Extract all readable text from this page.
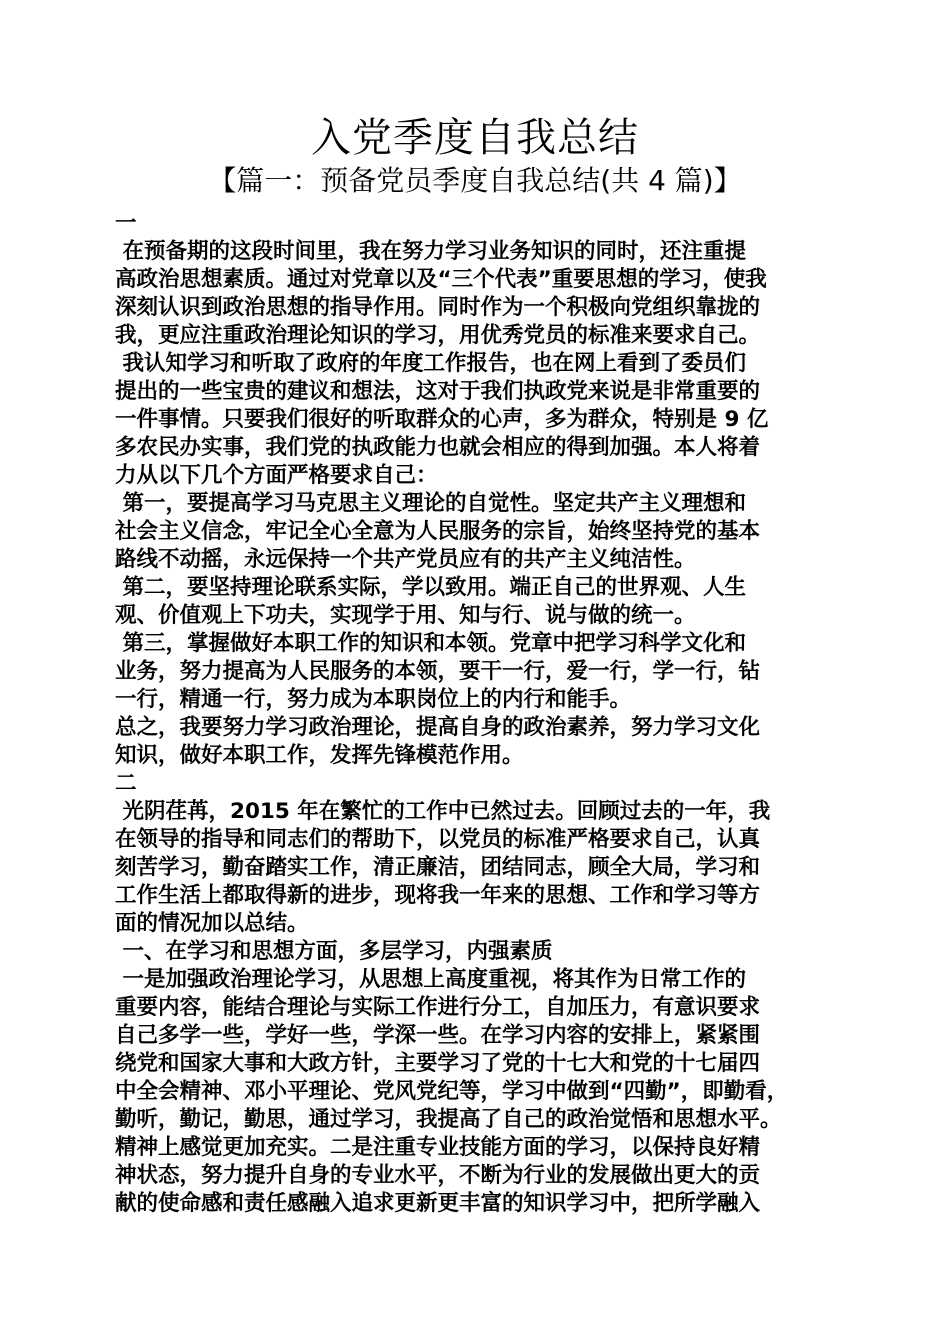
入党季度自我总结
【篇一：预备党员季度自我总结(共 4 篇)】
一
在预备期的这段时间里，我在努力学习业务知识的同时，还注重提
高政治思想素质。通过对党章以及“三个代表”重要思想的学习，使我
深刻认识到政治思想的指导作用。同时作为一个积极向党组织靠拢的
我，更应注重政治理论知识的学习，用优秀党员的标准来要求自己。
我认知学习和听取了政府的年度工作报告，也在网上看到了委员们
提出的一些宝贵的建议和想法，这对于我们执政党来说是非常重要的
一件事情。只要我们很好的听取群众的心声，多为群众，特别是 9 亿
多农民办实事，我们党的执政能力也就会相应的得到加强。本人将着
力从以下几个方面严格要求自己：
第一，要提高学习马克思主义理论的自觉性。坚定共产主义理想和
社会主义信念，牢记全心全意为人民服务的宗旨，始终坚持党的基本
路线不动摇，永远保持一个共产党员应有的共产主义纯洁性。
第二，要坚持理论联系实际，学以致用。端正自己的世界观、人生
观、价值观上下功夫，实现学于用、知与行、说与做的统一。
第三，掌握做好本职工作的知识和本领。党章中把学习科学文化和
业务，努力提高为人民服务的本领，要干一行，爱一行，学一行，钻
一行，精通一行，努力成为本职岗位上的内行和能手。
总之，我要努力学习政治理论，提高自身的政治素养，努力学习文化
知识，做好本职工作，发挥先锋模范作用。
二
光阴荏苒，2015 年在繁忙的工作中已然过去。回顾过去的一年，我
在领导的指导和同志们的帮助下，以党员的标准严格要求自己，认真
刻苦学习，勤奋踏实工作，清正廉洁，团结同志，顾全大局，学习和
工作生活上都取得新的进步，现将我一年来的思想、工作和学习等方
面的情况加以总结。
一、在学习和思想方面，多层学习，内强素质
一是加强政治理论学习，从思想上高度重视，将其作为日常工作的
重要内容，能结合理论与实际工作进行分工，自加压力，有意识要求
自己多学一些，学好一些，学深一些。在学习内容的安排上，紧紧围
绕党和国家大事和大政方针，主要学习了党的十七大和党的十七届四
中全会精神、邓小平理论、党风党纪等，学习中做到“四勤”，即勤看，
勤听，勤记，勤思，通过学习，我提高了自己的政治觉悟和思想水平。
精神上感觉更加充实。二是注重专业技能方面的学习，以保持良好精
神状态，努力提升自身的专业水平，不断为行业的发展做出更大的贡
献的使命感和责任感融入追求更新更丰富的知识学习中，把所学融入
